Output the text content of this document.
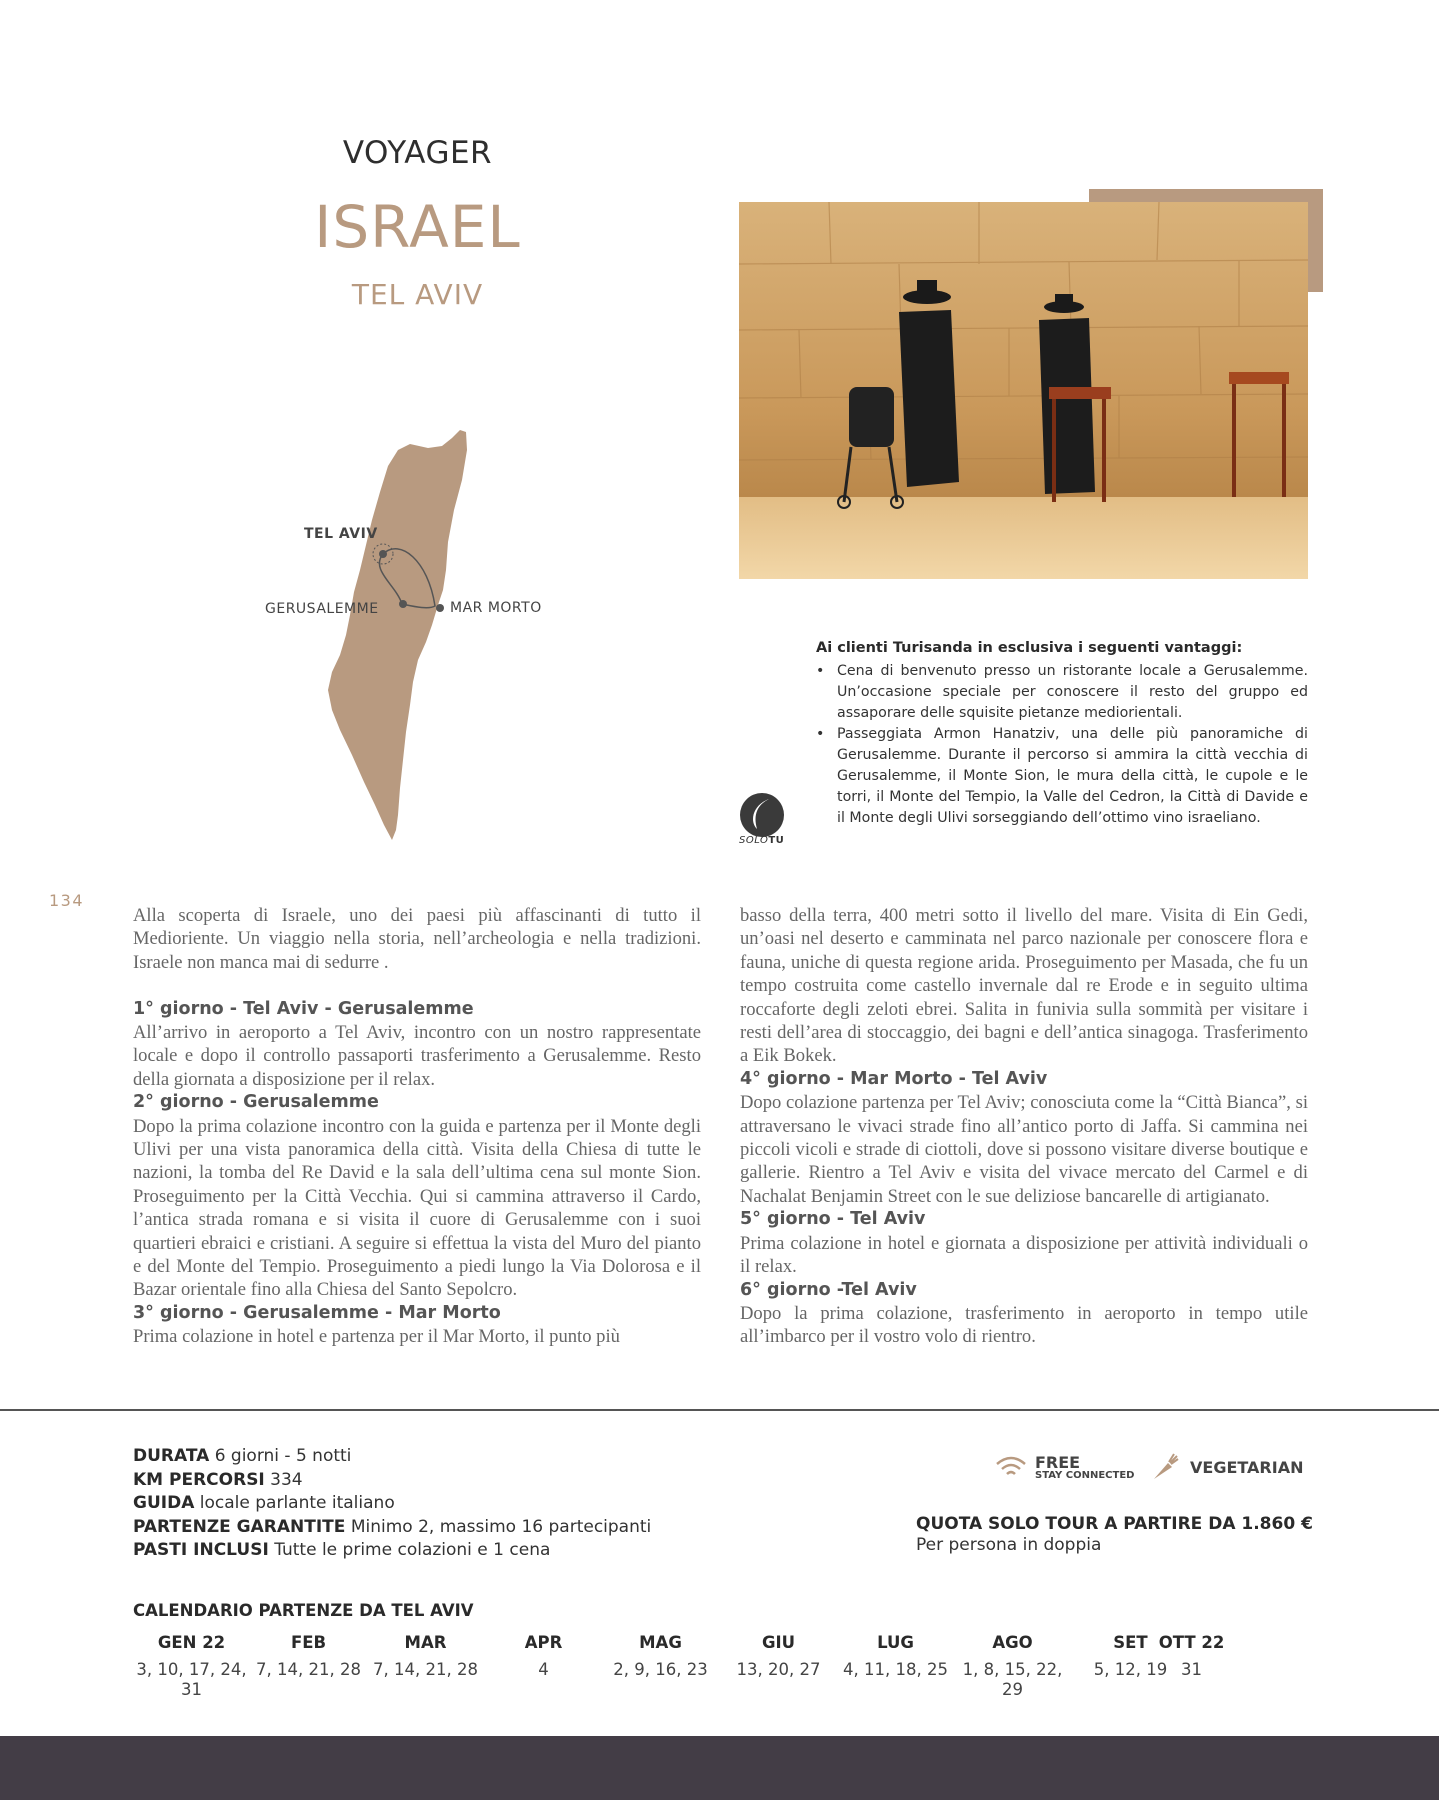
VOYAGER
ISRAEL
TEL AVIV
TEL AVIV
GERUSALEMME	MAR MORTO
Ai clienti Turisanda in esclusiva i seguenti vantaggi:
• Cena di benvenuto presso un ristorante locale a Gerusalemme. Un’occasione speciale per conoscere il resto del gruppo ed assaporare delle squisite pietanze mediorientali.
• Passeggiata Armon Hanatziv, una delle più panoramiche di Gerusalemme. Durante il percorso si ammira la città vecchia di Gerusalemme, il Monte Sion, le mura della città, le cupole e le torri, il Monte del Tempio, la Valle del Cedron, la Città di Davide e il Monte degli Ulivi sorseggiando dell’ottimo vino israeliano.
SOLOTU
134

Alla scoperta di Israele, uno dei paesi più affascinanti di tutto il Medioriente. Un viaggio nella storia, nell’archeologia e nella tradizioni. Israele non manca mai di sedurre .

1° giorno - Tel Aviv - Gerusalemme

All’arrivo in aeroporto a Tel Aviv, incontro con un nostro rappresentate locale e dopo il controllo passaporti trasferimento a Gerusalemme. Resto della giornata a disposizione per il relax.

2° giorno - Gerusalemme

Dopo la prima colazione incontro con la guida e partenza per il Monte degli Ulivi per una vista panoramica della città. Visita della Chiesa di tutte le nazioni, la tomba del Re David e la sala dell’ultima cena sul monte Sion. Proseguimento per la Città Vecchia. Qui si cammina attraverso il Cardo, l’antica strada romana e si visita il cuore di Gerusalemme con i suoi quartieri ebraici e cristiani. A seguire si effettua la vista del Muro del pianto e del Monte del Tempio. Proseguimento a piedi lungo la Via Dolorosa e il Bazar orientale fino alla Chiesa del Santo Sepolcro.

3° giorno - Gerusalemme - Mar Morto

Prima colazione in hotel e partenza per il Mar Morto, il punto più

basso della terra, 400 metri sotto il livello del mare. Visita di Ein Gedi, un’oasi nel deserto e camminata nel parco nazionale per conoscere flora e fauna, uniche di questa regione arida. Proseguimento per Masada, che fu un tempo costruita come castello invernale dal re Erode e in seguito ultima roccaforte degli zeloti ebrei. Salita in funivia sulla sommità per visitare i resti dell’area di stoccaggio, dei bagni e dell’antica sinagoga. Trasferimento a Eik Bokek.

4° giorno - Mar Morto - Tel Aviv

Dopo colazione partenza per Tel Aviv; conosciuta come la “Città Bianca”, si attraversano le vivaci strade fino all’antico porto di Jaffa. Si cammina nei piccoli vicoli e strade di ciottoli, dove si possono visitare diverse boutique e gallerie. Rientro a Tel Aviv e visita del vivace mercato del Carmel e di Nachalat Benjamin Street con le sue deliziose bancarelle di artigianato.

5° giorno - Tel Aviv

Prima colazione in hotel e giornata a disposizione per attività individuali o il relax.

6° giorno -Tel Aviv

Dopo la prima colazione, trasferimento in aeroporto in tempo utile all’imbarco per il vostro volo di rientro.

DURATA 6 giorni - 5 notti
KM PERCORSI 334
GUIDA locale parlante italiano
PARTENZE GARANTITE Minimo 2, massimo 16 partecipanti
PASTI INCLUSI Tutte le prime colazioni e 1 cena
FREE
STAY CONNECTED	VEGETARIAN
QUOTA SOLO TOUR A PARTIRE DA 1.860 €
Per persona in doppia
CALENDARIO PARTENZE DA TEL AVIV
GEN 22
3, 10, 17, 24, 31
FEB
7, 14, 21, 28
MAR
7, 14, 21, 28
APR
4
MAG
2, 9, 16, 23
GIU
13, 20, 27
LUG
4, 11, 18, 25
AGO
1, 8, 15, 22, 29
SET
5, 12, 19
OTT 22
31
